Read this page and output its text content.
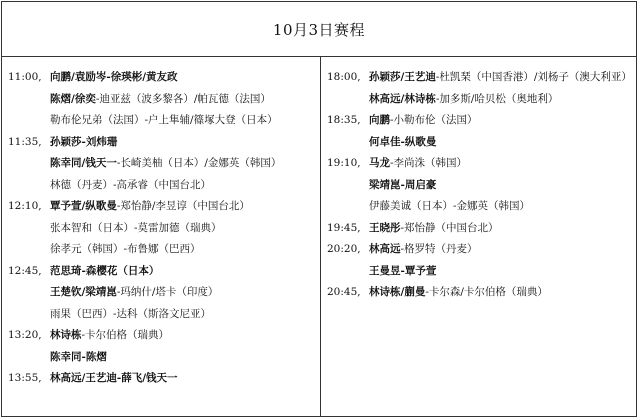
10月3日赛程
11:00, 向鹏/袁励岑-徐瑛彬/黄友政
陈熠/徐奕-迪亚兹（波多黎各）/帕瓦德（法国）
勒布伦兄弟（法国）-户上隼辅/篠塚大登（日本）
11:35, 孙颖莎-刘炜珊
陈幸同/钱天一-长崎美柚（日本）/金娜英（韩国）
林德（丹麦）-高承睿（中国台北）
12:10, 覃予萱/纵歌曼-郑怡静/李昱谆（中国台北）
张本智和（日本）-莫雷加德（瑞典）
徐孝元（韩国）-布鲁娜（巴西）
12:45, 范思琦-森樱花（日本）
王楚钦/梁靖崑-玛纳什/塔卡（印度）
雨果（巴西）-达科（斯洛文尼亚）
13:20, 林诗栋-卡尔伯格（瑞典）
陈幸同-陈熠
13:55, 林高远/王艺迪-薛飞/钱天一
18:00, 孙颖莎/王艺迪-杜凯琹（中国香港）/刘杨子（澳大利亚）
林高远/林诗栋-加多斯/哈贝松（奥地利）
18:35, 向鹏-小勒布伦（法国）
何卓佳-纵歌曼
19:10, 马龙-李尚洙（韩国）
梁靖崑-周启豪
伊藤美诚（日本）-金娜英（韩国）
19:45, 王晓彤-郑怡静（中国台北）
20:20, 林高远-格罗特（丹麦）
王曼昱-覃予萱
20:45, 林诗栋/蒯曼-卡尔森/卡尔伯格（瑞典）
